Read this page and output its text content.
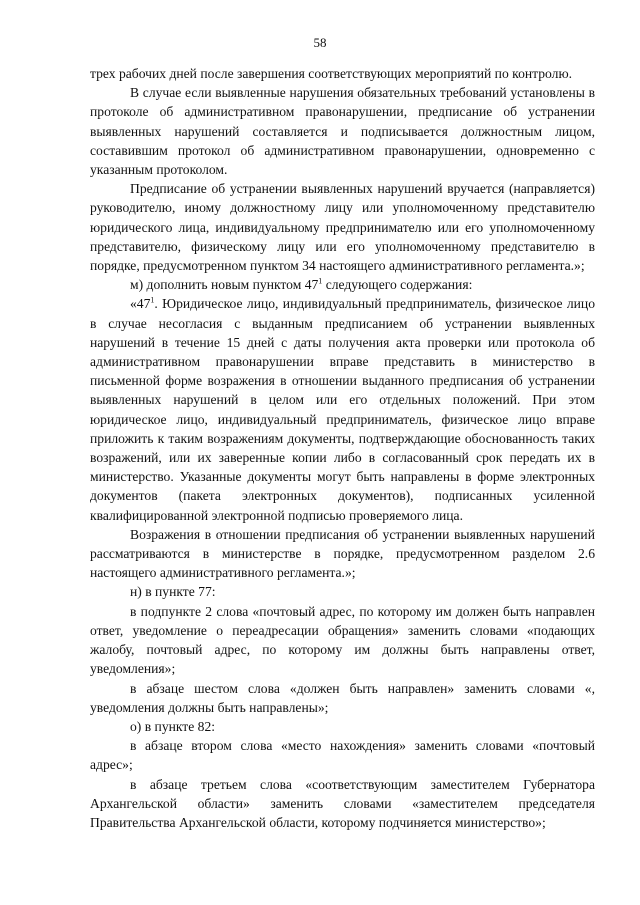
58

трех рабочих дней после завершения соответствующих мероприятий по контролю.

В случае если выявленные нарушения обязательных требований установлены в протоколе об административном правонарушении, предписание об устранении выявленных нарушений составляется и подписывается должностным лицом, составившим протокол об административном правонарушении, одновременно с указанным протоколом.

Предписание об устранении выявленных нарушений вручается (направляется) руководителю, иному должностному лицу или уполномоченному представителю юридического лица, индивидуальному предпринимателю или его уполномоченному представителю, физическому лицу или его уполномоченному представителю в порядке, предусмотренном пунктом 34 настоящего административного регламента.»;

м) дополнить новым пунктом $47^1$ следующего содержания:

«$47^1$. Юридическое лицо, индивидуальный предприниматель, физическое лицо в случае несогласия с выданным предписанием об устранении выявленных нарушений в течение 15 дней с даты получения акта проверки или протокола об административном правонарушении вправе представить в министерство в письменной форме возражения в отношении выданного предписания об устранении выявленных нарушений в целом или его отдельных положений. При этом юридическое лицо, индивидуальный предприниматель, физическое лицо вправе приложить к таким возражениям документы, подтверждающие обоснованность таких возражений, или их заверенные копии либо в согласованный срок передать их в министерство. Указанные документы могут быть направлены в форме электронных документов (пакета электронных документов), подписанных усиленной квалифицированной электронной подписью проверяемого лица.

Возражения в отношении предписания об устранении выявленных нарушений рассматриваются в министерстве в порядке, предусмотренном разделом 2.6 настоящего административного регламента.»;

н) в пункте 77:

в подпункте 2 слова «почтовый адрес, по которому им должен быть направлен ответ, уведомление о переадресации обращения» заменить словами «подающих жалобу, почтовый адрес, по которому им должны быть направлены ответ, уведомления»;

в абзаце шестом слова «должен быть направлен» заменить словами «, уведомления должны быть направлены»;

о) в пункте 82:

в абзаце втором слова «место нахождения» заменить словами «почтовый адрес»;

в абзаце третьем слова «соответствующим заместителем Губернатора Архангельской области» заменить словами «заместителем председателя Правительства Архангельской области, которому подчиняется министерство»;
